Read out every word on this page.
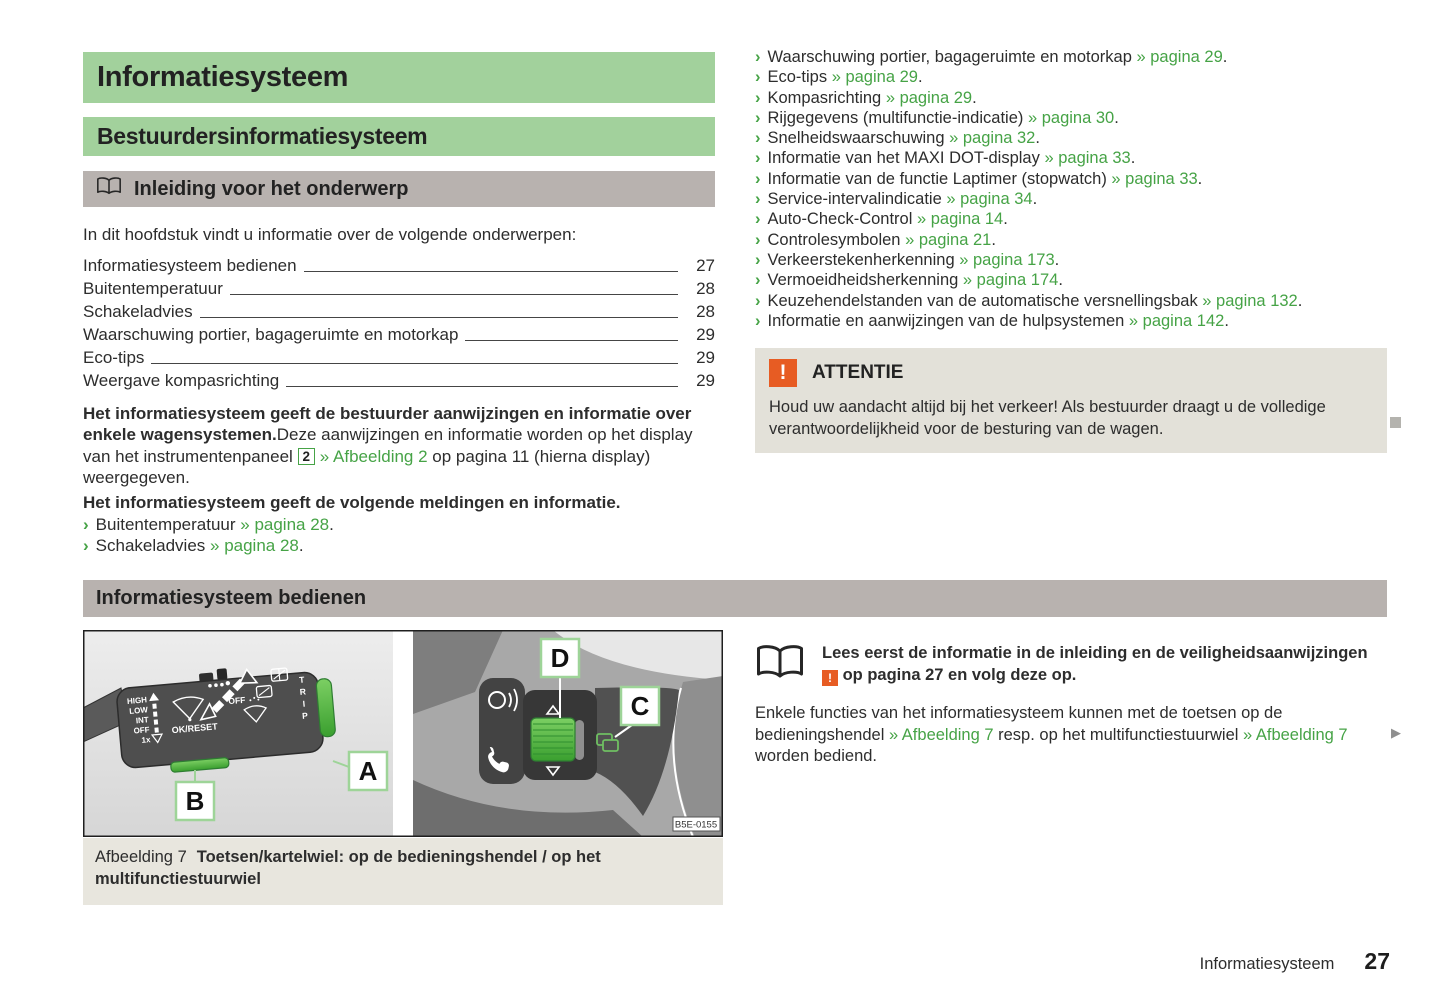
Informatiesysteem
Bestuurdersinformatiesysteem
Inleiding voor het onderwerp
In dit hoofdstuk vindt u informatie over de volgende onderwerpen:
Informatiesysteem bedienen	27
Buitentemperatuur	28
Schakeladvies	28
Waarschuwing portier, bagageruimte en motorkap	29
Eco-tips	29
Weergave kompasrichting	29
Het informatiesysteem geeft de bestuurder aanwijzingen en informatie over enkele wagensystemen.Deze aanwijzingen en informatie worden op het display van het instrumentenpaneel 2 » Afbeelding 2 op pagina 11 (hierna display) weergegeven.
Het informatiesysteem geeft de volgende meldingen en informatie.
› Buitentemperatuur » pagina 28.
› Schakeladvies » pagina 28.
Informatiesysteem bedienen
HIGH
LOW
INT
OFF
1x
OK/RESET
OFF
T
R
I
P
A
B
D
C
B5E-0155
Afbeelding 7 Toetsen/kartelwiel: op de bedieningshendel / op het multifunctiestuurwiel
› Waarschuwing portier, bagageruimte en motorkap » pagina 29.
› Eco-tips » pagina 29.
› Kompasrichting » pagina 29.
› Rijgegevens (multifunctie-indicatie) » pagina 30.
› Snelheidswaarschuwing » pagina 32.
› Informatie van het MAXI DOT-display » pagina 33.
› Informatie van de functie Laptimer (stopwatch) » pagina 33.
› Service-intervalindicatie » pagina 34.
› Auto-Check-Control » pagina 14.
› Controlesymbolen » pagina 21.
› Verkeerstekenherkenning » pagina 173.
› Vermoeidheidsherkenning » pagina 174.
› Keuzehendelstanden van de automatische versnellingsbak » pagina 132.
› Informatie en aanwijzingen van de hulpsystemen » pagina 142.
!	ATTENTIE
Houd uw aandacht altijd bij het verkeer! Als bestuurder draagt u de volledige verantwoordelijkheid voor de besturing van de wagen.
Lees eerst de informatie in de inleiding en de veiligheidsaanwijzingen ! op pagina 27 en volg deze op.
Enkele functies van het informatiesysteem kunnen met de toetsen op de bedieningshendel » Afbeelding 7 resp. op het multifunctiestuurwiel » Afbeelding 7 worden bediend.
▶
Informatiesysteem 27
